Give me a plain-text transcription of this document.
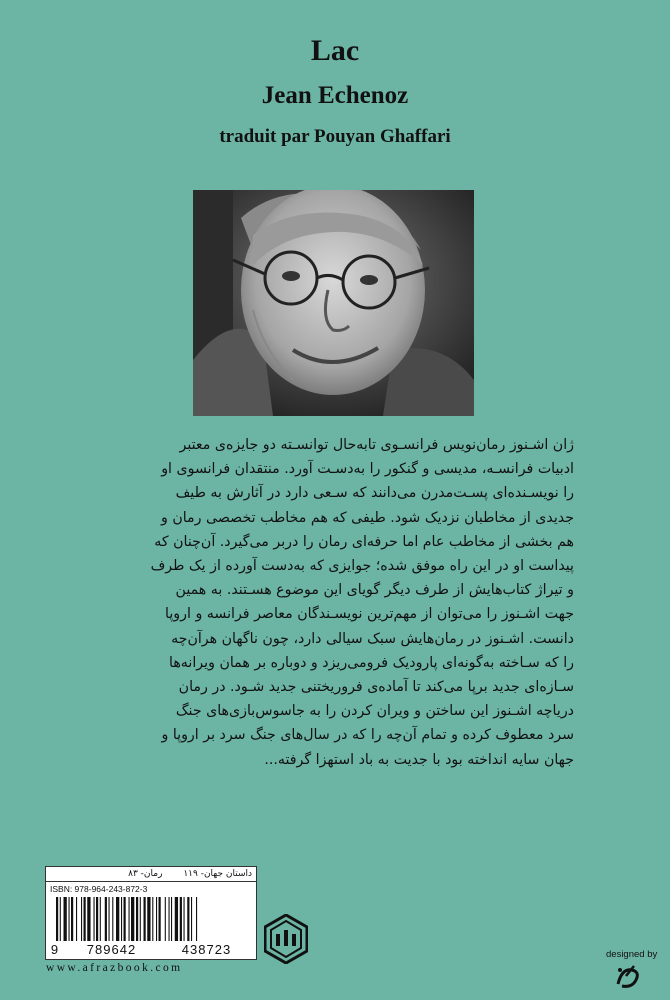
Lac
Jean Echenoz
traduit par Pouyan Ghaffari
ژان اشـنوز رمان‌نویس فرانسـوی تابه‌حال توانسـته دو جایزه‌ی معتبر
ادبیات فرانسـه، مدیسی و گنکور را به‌دسـت آورد. منتقدان فرانسوی او
را نویسـنده‌ای پسـت‌مدرن می‌دانند که سـعی دارد در آثارش به طیف
جدیدی از مخاطبان نزدیک شود. طیفی که هم مخاطب تخصصی رمان و
هم بخشی از مخاطب عام اما حرفه‌ای رمان را دربر می‌گیرد. آن‌چنان که
پیداست او در این راه موفق شده؛ جوایزی که به‌دست آورده از یک طرف
و تیراژ کتاب‌هایش از طرف دیگر گویای این موضوع هسـتند. به همین
جهت اشـنوز را می‌توان از مهم‌ترین نویسـندگان معاصر فرانسه و اروپا
دانست. اشـنوز در رمان‌هایش سبک سیالی دارد، چون ناگهان هرآن‌چه
را که سـاخته به‌گونه‌ای پارودیک فرومی‌ریزد و دوباره بر همان ویرانه‌ها
سـازه‌ای جدید برپا می‌کند تا آماده‌ی فروریختنی جدید شـود. در رمان
دریاچه اشـنوز این ساختن و ویران کردن را به جاسوس‌بازی‌های جنگ
سرد معطوف کرده و تمام آن‌چه را که در سال‌های جنگ سرد بر اروپا و
جهان سایه انداخته بود با جدیت به باد استهزا گرفته...
داستان جهان- ۱۱۹ رمان- ۸۳
ISBN: 978-964-243-872-3
9	789642	438723
www.afrazbook.com
designed by
